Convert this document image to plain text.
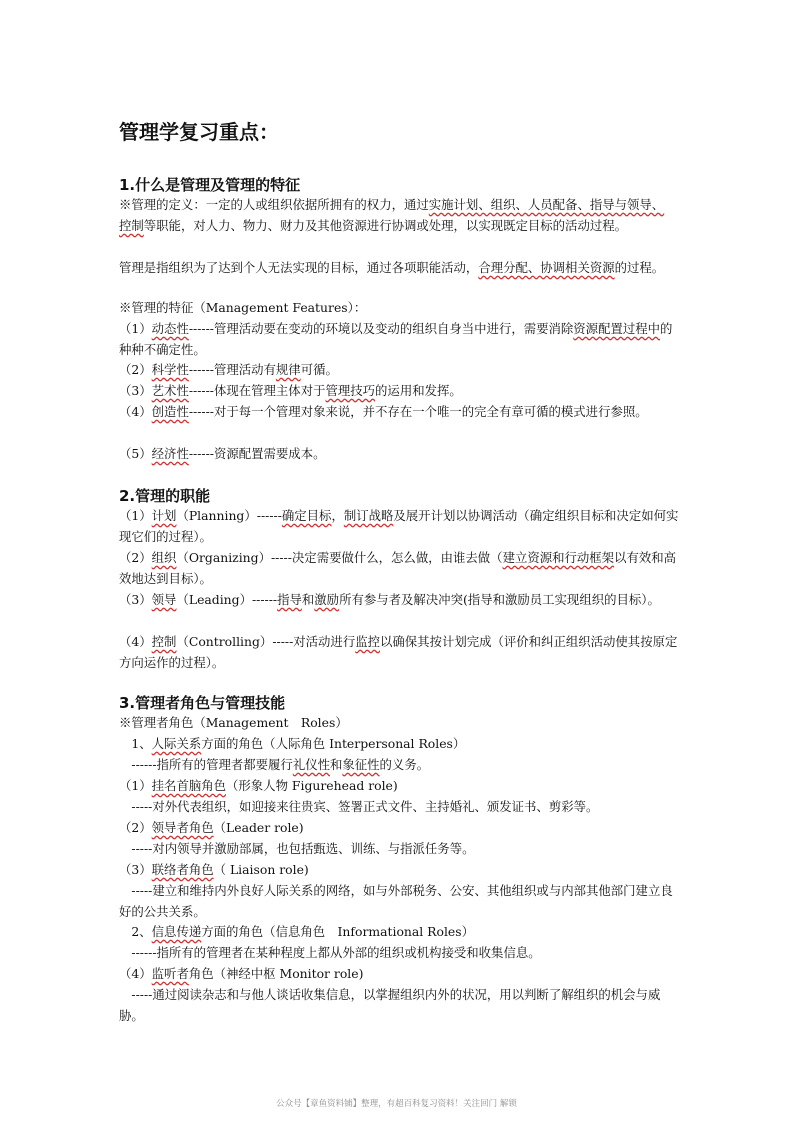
管理学复习重点：
1.什么是管理及管理的特征
※管理的定义：一定的人或组织依据所拥有的权力，通过实施计划、组织、人员配备、指导与领导、 控制等职能，对人力、物力、财力及其他资源进行协调或处理，以实现既定目标的活动过程。
管理是指组织为了达到个人无法实现的目标，通过各项职能活动，合理分配、协调相关资源的过程。
※管理的特征（Management Features）：
（1）动态性------管理活动要在变动的环境以及变动的组织自身当中进行，需要消除资源配置过程中的种种不确定性。
（2）科学性------管理活动有规律可循。
（3）艺术性------体现在管理主体对于管理技巧的运用和发挥。
（4）创造性------对于每一个管理对象来说，并不存在一个唯一的完全有章可循的模式进行参照。
（5）经济性------资源配置需要成本。
2.管理的职能
（1）计划（Planning）------确定目标，制订战略及展开计划以协调活动（确定组织目标和决定如何实现它们的过程）。
（2）组织（Organizing）-----决定需要做什么，怎么做，由谁去做（建立资源和行动框架以有效和高效地达到目标）。
（3）领导（Leading）------指导和激励所有参与者及解决冲突(指导和激励员工实现组织的目标）。
（4）控制（Controlling）-----对活动进行监控以确保其按计划完成（评价和纠正组织活动使其按原定方向运作的过程）。
3.管理者角色与管理技能
※管理者角色（Management　Roles）
　1、人际关系方面的角色（人际角色 Interpersonal Roles）
　------指所有的管理者都要履行礼仪性和象征性的义务。
（1）挂名首脑角色（形象人物 Figurehead role)
　-----对外代表组织，如迎接来往贵宾、签署正式文件、主持婚礼、颁发证书、剪彩等。
（2）领导者角色（Leader role)
　-----对内领导并激励部属，也包括甄选、训练、与指派任务等。
（3）联络者角色（ Liaison role)
　-----建立和维持内外良好人际关系的网络，如与外部税务、公安、其他组织或与内部其他部门建立良好的公共关系。
　2、信息传递方面的角色（信息角色　Informational Roles）
　------指所有的管理者在某种程度上都从外部的组织或机构接受和收集信息。
（4）监听者角色（神经中枢 Monitor role)
　-----通过阅读杂志和与他人谈话收集信息，以掌握组织内外的状况，用以判断了解组织的机会与威胁。
公众号【章鱼资料铺】整理，有超百科复习资料！关注回门 解锁
